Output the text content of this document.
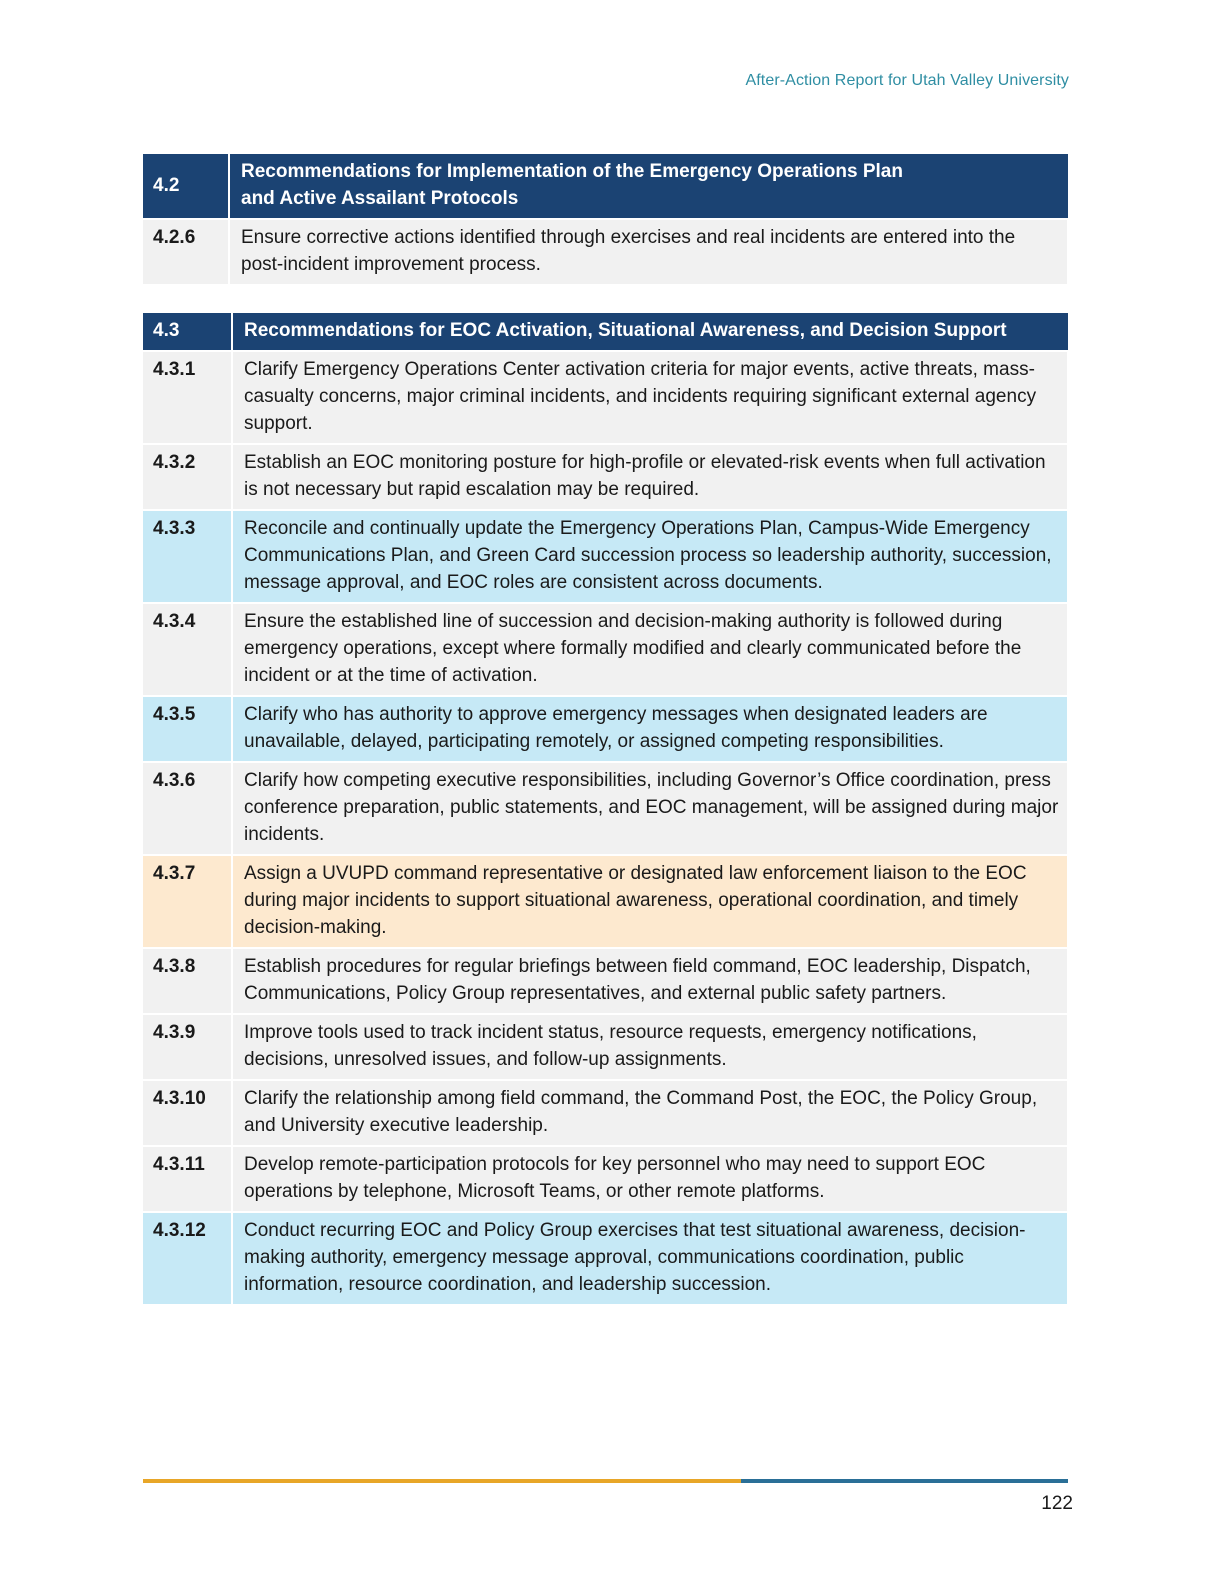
After-Action Report for Utah Valley University
4.2	Recommendations for Implementation of the Emergency Operations Plan
and Active Assailant Protocols
4.2.6	Ensure corrective actions identified through exercises and real incidents are entered into the post-incident improvement process.
4.3	Recommendations for EOC Activation, Situational Awareness, and Decision Support
4.3.1	Clarify Emergency Operations Center activation criteria for major events, active threats, mass-casualty concerns, major criminal incidents, and incidents requiring significant external agency support.
4.3.2	Establish an EOC monitoring posture for high-profile or elevated-risk events when full activation is not necessary but rapid escalation may be required.
4.3.3	Reconcile and continually update the Emergency Operations Plan, Campus-Wide Emergency Communications Plan, and Green Card succession process so leadership authority, succession, message approval, and EOC roles are consistent across documents.
4.3.4	Ensure the established line of succession and decision-making authority is followed during emergency operations, except where formally modified and clearly communicated before the incident or at the time of activation.
4.3.5	Clarify who has authority to approve emergency messages when designated leaders are unavailable, delayed, participating remotely, or assigned competing responsibilities.
4.3.6	Clarify how competing executive responsibilities, including Governor’s Office coordination, press conference preparation, public statements, and EOC management, will be assigned during major incidents.
4.3.7	Assign a UVUPD command representative or designated law enforcement liaison to the EOC during major incidents to support situational awareness, operational coordination, and timely decision-making.
4.3.8	Establish procedures for regular briefings between field command, EOC leadership, Dispatch, Communications, Policy Group representatives, and external public safety partners.
4.3.9	Improve tools used to track incident status, resource requests, emergency notifications, decisions, unresolved issues, and follow-up assignments.
4.3.10	Clarify the relationship among field command, the Command Post, the EOC, the Policy Group, and University executive leadership.
4.3.11	Develop remote-participation protocols for key personnel who may need to support EOC operations by telephone, Microsoft Teams, or other remote platforms.
4.3.12	Conduct recurring EOC and Policy Group exercises that test situational awareness, decision-making authority, emergency message approval, communications coordination, public information, resource coordination, and leadership succession.
122
